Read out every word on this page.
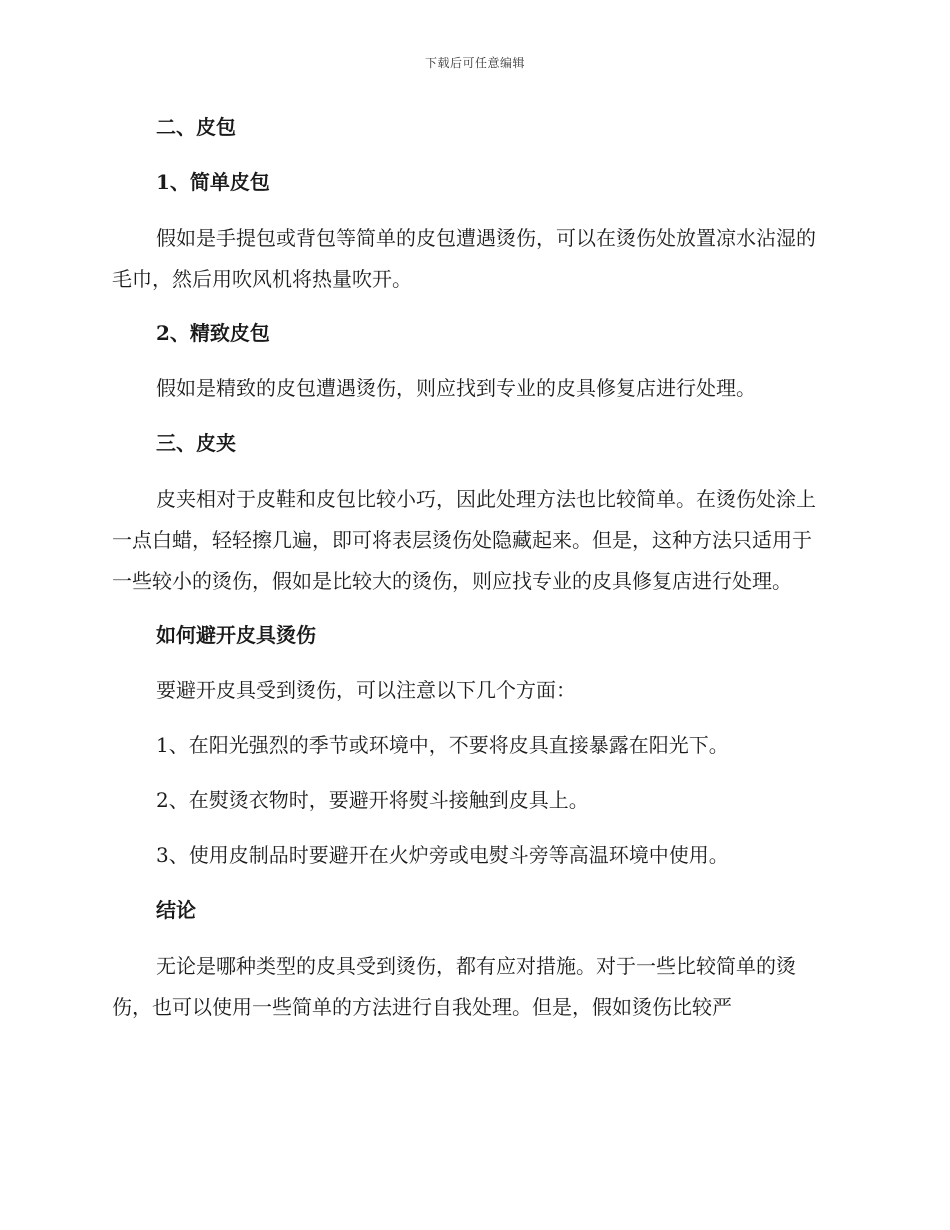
下载后可任意编辑
二、皮包
1、简单皮包
假如是手提包或背包等简单的皮包遭遇烫伤，可以在烫伤处放置凉水沾湿的毛巾，然后用吹风机将热量吹开。
2、精致皮包
假如是精致的皮包遭遇烫伤，则应找到专业的皮具修复店进行处理。
三、皮夹
皮夹相对于皮鞋和皮包比较小巧，因此处理方法也比较简单。在烫伤处涂上一点白蜡，轻轻擦几遍，即可将表层烫伤处隐藏起来。但是，这种方法只适用于一些较小的烫伤，假如是比较大的烫伤，则应找专业的皮具修复店进行处理。
如何避开皮具烫伤
要避开皮具受到烫伤，可以注意以下几个方面：
1、在阳光强烈的季节或环境中，不要将皮具直接暴露在阳光下。
2、在熨烫衣物时，要避开将熨斗接触到皮具上。
3、使用皮制品时要避开在火炉旁或电熨斗旁等高温环境中使用。
结论
无论是哪种类型的皮具受到烫伤，都有应对措施。对于一些比较简单的烫伤，也可以使用一些简单的方法进行自我处理。但是，假如烫伤比较严
